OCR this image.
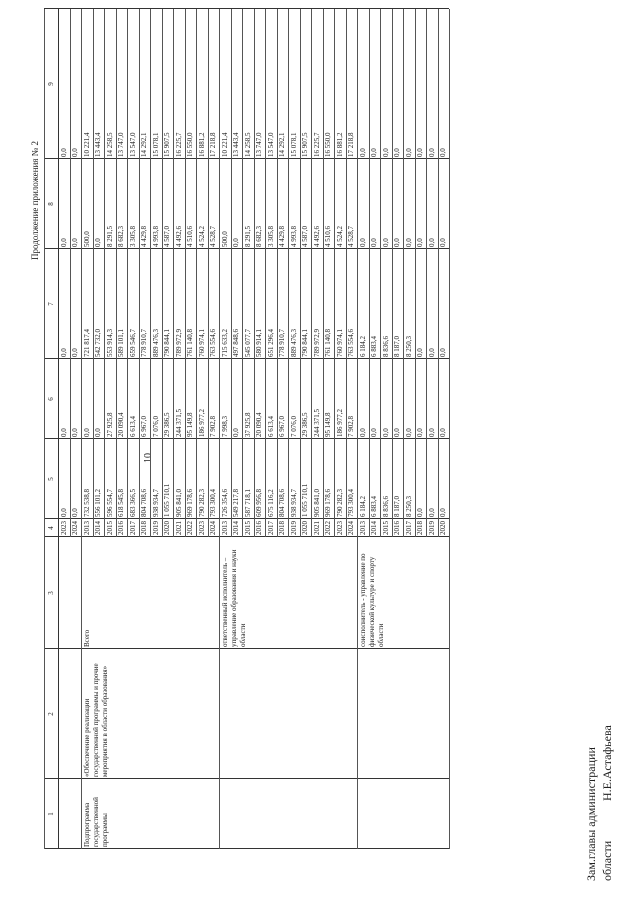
10
Продолжение приложения № 2
1
2
3
4
5
6
7
8
9
2023
0,0
0,0
0,0
0,0
0,0
2024
0,0
0,0
0,0
0,0
0,0
2013
732 538,8
0,0
721 817,4
500,0
10 221,4
2014
556 101,2
0,0
542 732,0
0,0
13 443,4
2015
596 554,7
27 925,8
553 914,3
8 291,5
14 258,5
2016
618 545,8
20 090,4
589 101,1
8 682,3
13 747,0
2017
683 366,5
6 613,4
659 546,7
3 305,8
13 547,0
2018
804 708,6
6 967,0
778 910,7
4 429,8
14 292,1
2019
938 934,7
7 076,0
889 476,3
4 993,8
15 078,1
2020
1 055 710,1
29 386,5
790 844,1
4 587,0
15 907,5
2021
905 841,0
244 371,5
789 972,9
4 492,6
16 225,7
2022
969 178,6
95 149,8
761 140,8
4 510,6
16 550,0
2023
790 282,3
186 977,2
760 974,1
4 524,2
16 881,2
2024
793 300,4
7 902,8
763 554,6
4 528,7
17 218,8
2013
726 354,6
7 998,3
715 633,2
500,0
10 221,4
2014
549 217,8
0,0
497 848,6
0,0
13 443,4
2015
587 718,1
37 925,8
545 077,7
8 291,5
14 258,5
2016
609 956,8
20 090,4
580 914,1
8 682,3
13 747,0
2017
675 116,2
6 613,4
651 296,4
3 305,8
13 547,0
2018
804 708,6
6 967,0
778 910,7
4 429,8
14 292,1
2019
938 934,7
7 076,0
889 476,3
4 993,8
15 078,1
2020
1 055 710,1
29 386,5
790 844,1
4 587,0
15 907,5
2021
905 841,0
244 371,5
789 972,9
4 492,6
16 225,7
2022
969 178,6
95 149,8
761 140,8
4 510,6
16 550,0
2023
790 282,3
186 977,2
760 974,1
4 524,2
16 881,2
2024
793 300,4
7 902,8
763 554,6
4 528,7
17 218,8
2013
6 184,2
0,0
6 184,2
0,0
0,0
2014
6 883,4
0,0
6 883,4
0,0
0,0
2015
8 836,6
0,0
8 836,6
0,0
0,0
2016
8 187,0
0,0
8 187,0
0,0
0,0
2017
8 250,3
0,0
8 250,3
0,0
0,0
2018
0,0
0,0
0,0
0,0
0,0
2019
0,0
0,0
0,0
0,0
0,0
2020
0,0
0,0
0,0
0,0
0,0
Подпрограмма государственной программы
«Обеспечение реализации государственной программы и прочие мероприятия в области образования»
Всего	ответственный исполнитель – управление образования и науки области	соисполнитель - управление по физической культуре и спорту области
Зам.главы администрации области
Н.Е.Астафьева
